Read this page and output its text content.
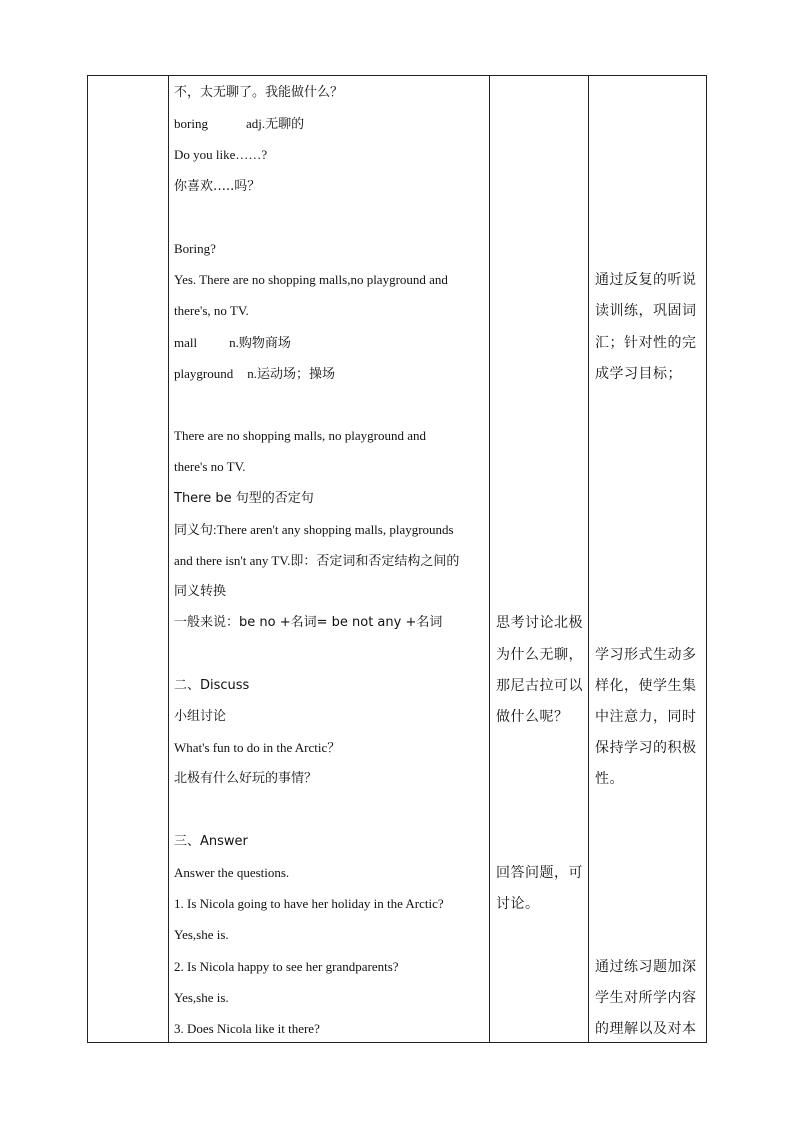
不，太无聊了。我能做什么？
boring	adj.无聊的
Do you like……?
你喜欢…..吗？
Boring?
Yes. There are no shopping malls,no playground and
there's, no TV.
mall n.购物商场
playground n.运动场；操场
There are no shopping malls, no playground and
there's no TV.
There be 句型的否定句
同义句:There aren't any shopping malls, playgrounds
and there isn't any TV.即：否定词和否定结构之间的
同义转换
一般来说：be no +名词= be not any +名词
二、Discuss
小组讨论
What's fun to do in the Arctic？
北极有什么好玩的事情？
三、Answer
Answer the questions.
1. Is Nicola going to have her holiday in the Arctic?
Yes,she is.
2. Is Nicola happy to see her grandparents?
Yes,she is.
3. Does Nicola like it there?
思考讨论北极
为什么无聊，
那尼古拉可以
做什么呢？
回答问题，可
讨论。
通过反复的听说
读训练，巩固词
汇；针对性的完
成学习目标；
学习形式生动多
样化，使学生集
中注意力，同时
保持学习的积极
性。
通过练习题加深
学生对所学内容
的理解以及对本
